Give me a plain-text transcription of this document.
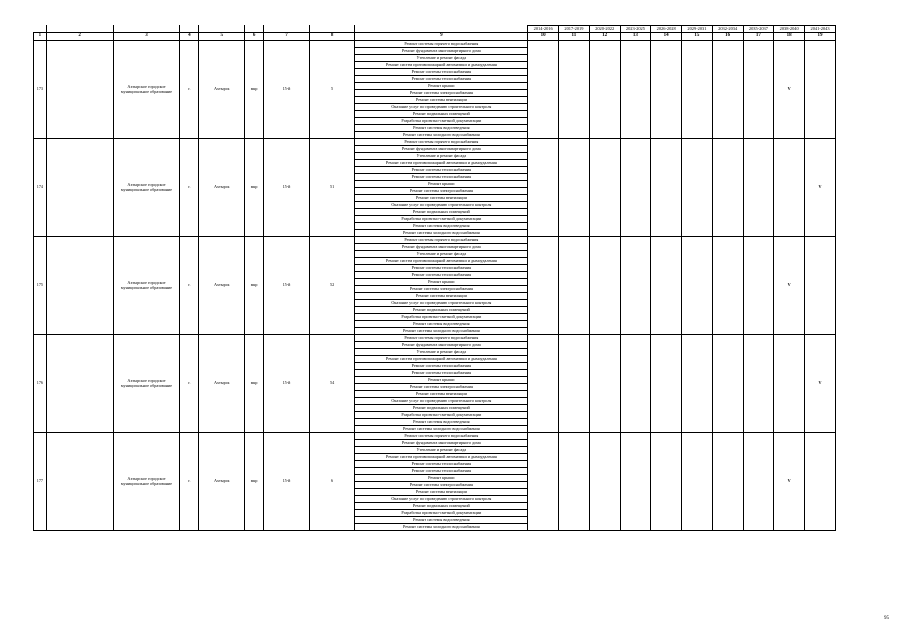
									2014-2016	2017-2019	2020-2022	2023-2025	2026-2028	2029-2031	2032-2034	2035-2037	2038-2040	2041-2043
1	2	3	4	5	6	7	8	9	10	11	12	13	14	15	16	17	18	19
173		Ахтырское городское муниципальное образование	г.	Ахтырск	мкр	15-й	5	Ремонт системы горячего водоснабжения									V	
								Ремонт фундамента многоквартирного дома										
								Утепление и ремонт фасада										
								Ремонт систем противопожарной автоматики и дымоудаления										
								Ремонт системы теплоснабжения										
								Ремонт системы теплоснабжения										
								Ремонт крыши										
								Ремонт системы электроснабжения										
								Ремонт системы вентиляции										
								Оказание услуг по проведению строительного контроля										
								Ремонт подвальных помещений										
								Разработка проектно-сметной документации										
								Ремонт системы водоотведения										
								Ремонт системы холодного водоснабжения										
174		Ахтырское городское муниципальное образование	г.	Ахтырск	мкр	15-й	51	Ремонт системы горячего водоснабжения										V
								Ремонт фундамента многоквартирного дома										
								Утепление и ремонт фасада										
								Ремонт систем противопожарной автоматики и дымоудаления										
								Ремонт системы теплоснабжения										
								Ремонт системы теплоснабжения										
								Ремонт крыши										
								Ремонт системы электроснабжения										
								Ремонт системы вентиляции										
								Оказание услуг по проведению строительного контроля										
								Ремонт подвальных помещений										
								Разработка проектно-сметной документации										
								Ремонт системы водоотведения										
								Ремонт системы холодного водоснабжения										
175		Ахтырское городское муниципальное образование	г.	Ахтырск	мкр	15-й	52	Ремонт системы горячего водоснабжения									V	
								Ремонт фундамента многоквартирного дома										
								Утепление и ремонт фасада										
								Ремонт систем противопожарной автоматики и дымоудаления										
								Ремонт системы теплоснабжения										
								Ремонт системы теплоснабжения										
								Ремонт крыши										
								Ремонт системы электроснабжения										
								Ремонт системы вентиляции										
								Оказание услуг по проведению строительного контроля										
								Ремонт подвальных помещений										
								Разработка проектно-сметной документации										
								Ремонт системы водоотведения										
								Ремонт системы холодного водоснабжения										
176		Ахтырское городское муниципальное образование	г.	Ахтырск	мкр	15-й	54	Ремонт системы горячего водоснабжения										V
								Ремонт фундамента многоквартирного дома										
								Утепление и ремонт фасада										
								Ремонт систем противопожарной автоматики и дымоудаления										
								Ремонт системы теплоснабжения										
								Ремонт системы теплоснабжения										
								Ремонт крыши										
								Ремонт системы электроснабжения										
								Ремонт системы вентиляции										
								Оказание услуг по проведению строительного контроля										
								Ремонт подвальных помещений										
								Разработка проектно-сметной документации										
								Ремонт системы водоотведения										
								Ремонт системы холодного водоснабжения										
177		Ахтырское городское муниципальное образование	г.	Ахтырск	мкр	15-й	6	Ремонт системы горячего водоснабжения									V	
								Ремонт фундамента многоквартирного дома										
								Утепление и ремонт фасада										
								Ремонт систем противопожарной автоматики и дымоудаления										
								Ремонт системы теплоснабжения										
								Ремонт системы теплоснабжения										
								Ремонт крыши										
								Ремонт системы электроснабжения										
								Ремонт системы вентиляции										
								Оказание услуг по проведению строительного контроля										
								Ремонт подвальных помещений										
								Разработка проектно-сметной документации										
								Ремонт системы водоотведения										
								Ремонт системы холодного водоснабжения										
95
